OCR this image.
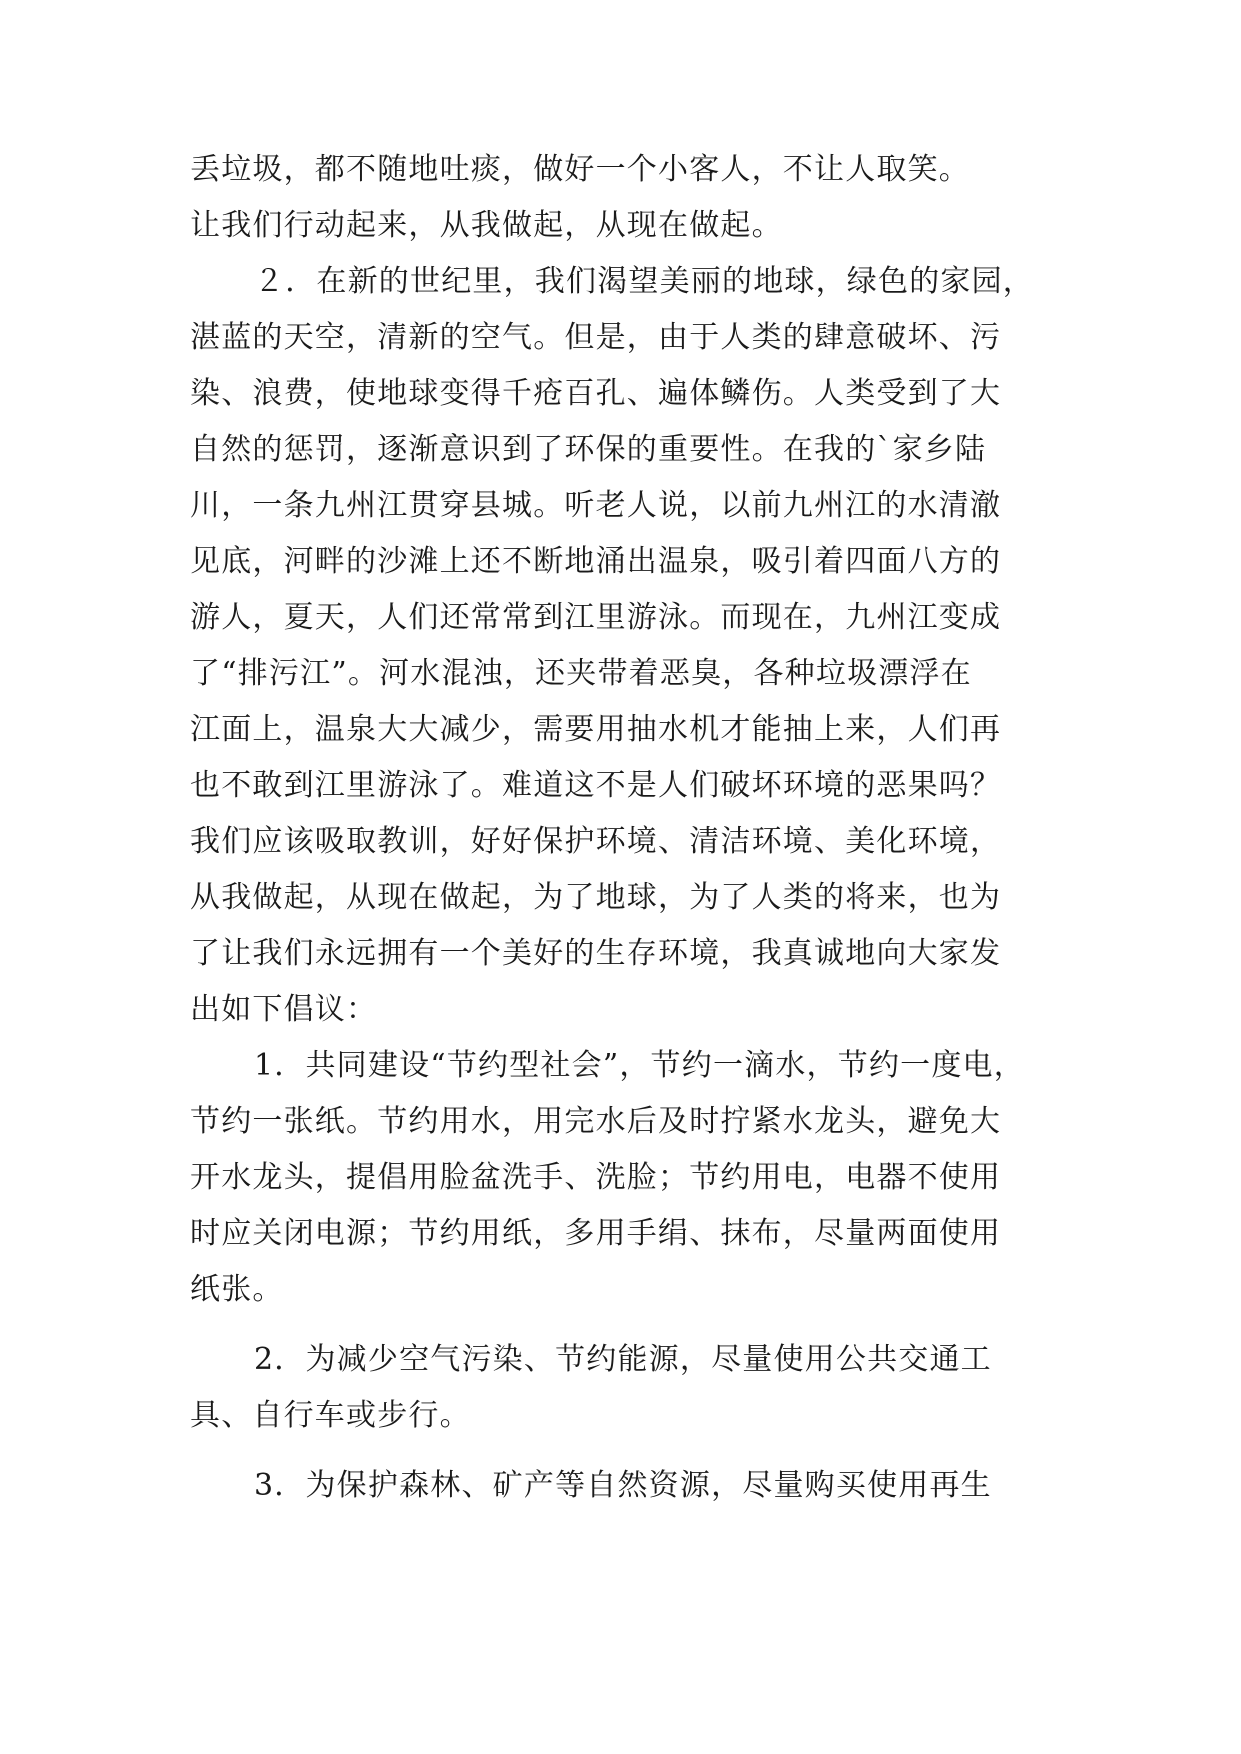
丢垃圾，都不随地吐痰，做好一个小客人，不让人取笑。
让我们行动起来，从我做起，从现在做起。
２．在新的世纪里，我们渴望美丽的地球，绿色的家园，
湛蓝的天空，清新的空气。但是，由于人类的肆意破坏、污
染、浪费，使地球变得千疮百孔、遍体鳞伤。人类受到了大
自然的惩罚，逐渐意识到了环保的重要性。在我的`家乡陆
川，一条九州江贯穿县城。听老人说，以前九州江的水清澈
见底，河畔的沙滩上还不断地涌出温泉，吸引着四面八方的
游人，夏天，人们还常常到江里游泳。而现在，九州江变成
了“排污江”。河水混浊，还夹带着恶臭，各种垃圾漂浮在
江面上，温泉大大减少，需要用抽水机才能抽上来，人们再
也不敢到江里游泳了。难道这不是人们破坏环境的恶果吗？
我们应该吸取教训，好好保护环境、清洁环境、美化环境，
从我做起，从现在做起，为了地球，为了人类的将来，也为
了让我们永远拥有一个美好的生存环境，我真诚地向大家发
出如下倡议：
1．共同建设“节约型社会”，节约一滴水，节约一度电，
节约一张纸。节约用水，用完水后及时拧紧水龙头，避免大
开水龙头，提倡用脸盆洗手、洗脸；节约用电，电器不使用
时应关闭电源；节约用纸，多用手绢、抹布，尽量两面使用
纸张。
2．为减少空气污染、节约能源，尽量使用公共交通工
具、自行车或步行。
3．为保护森林、矿产等自然资源，尽量购买使用再生
